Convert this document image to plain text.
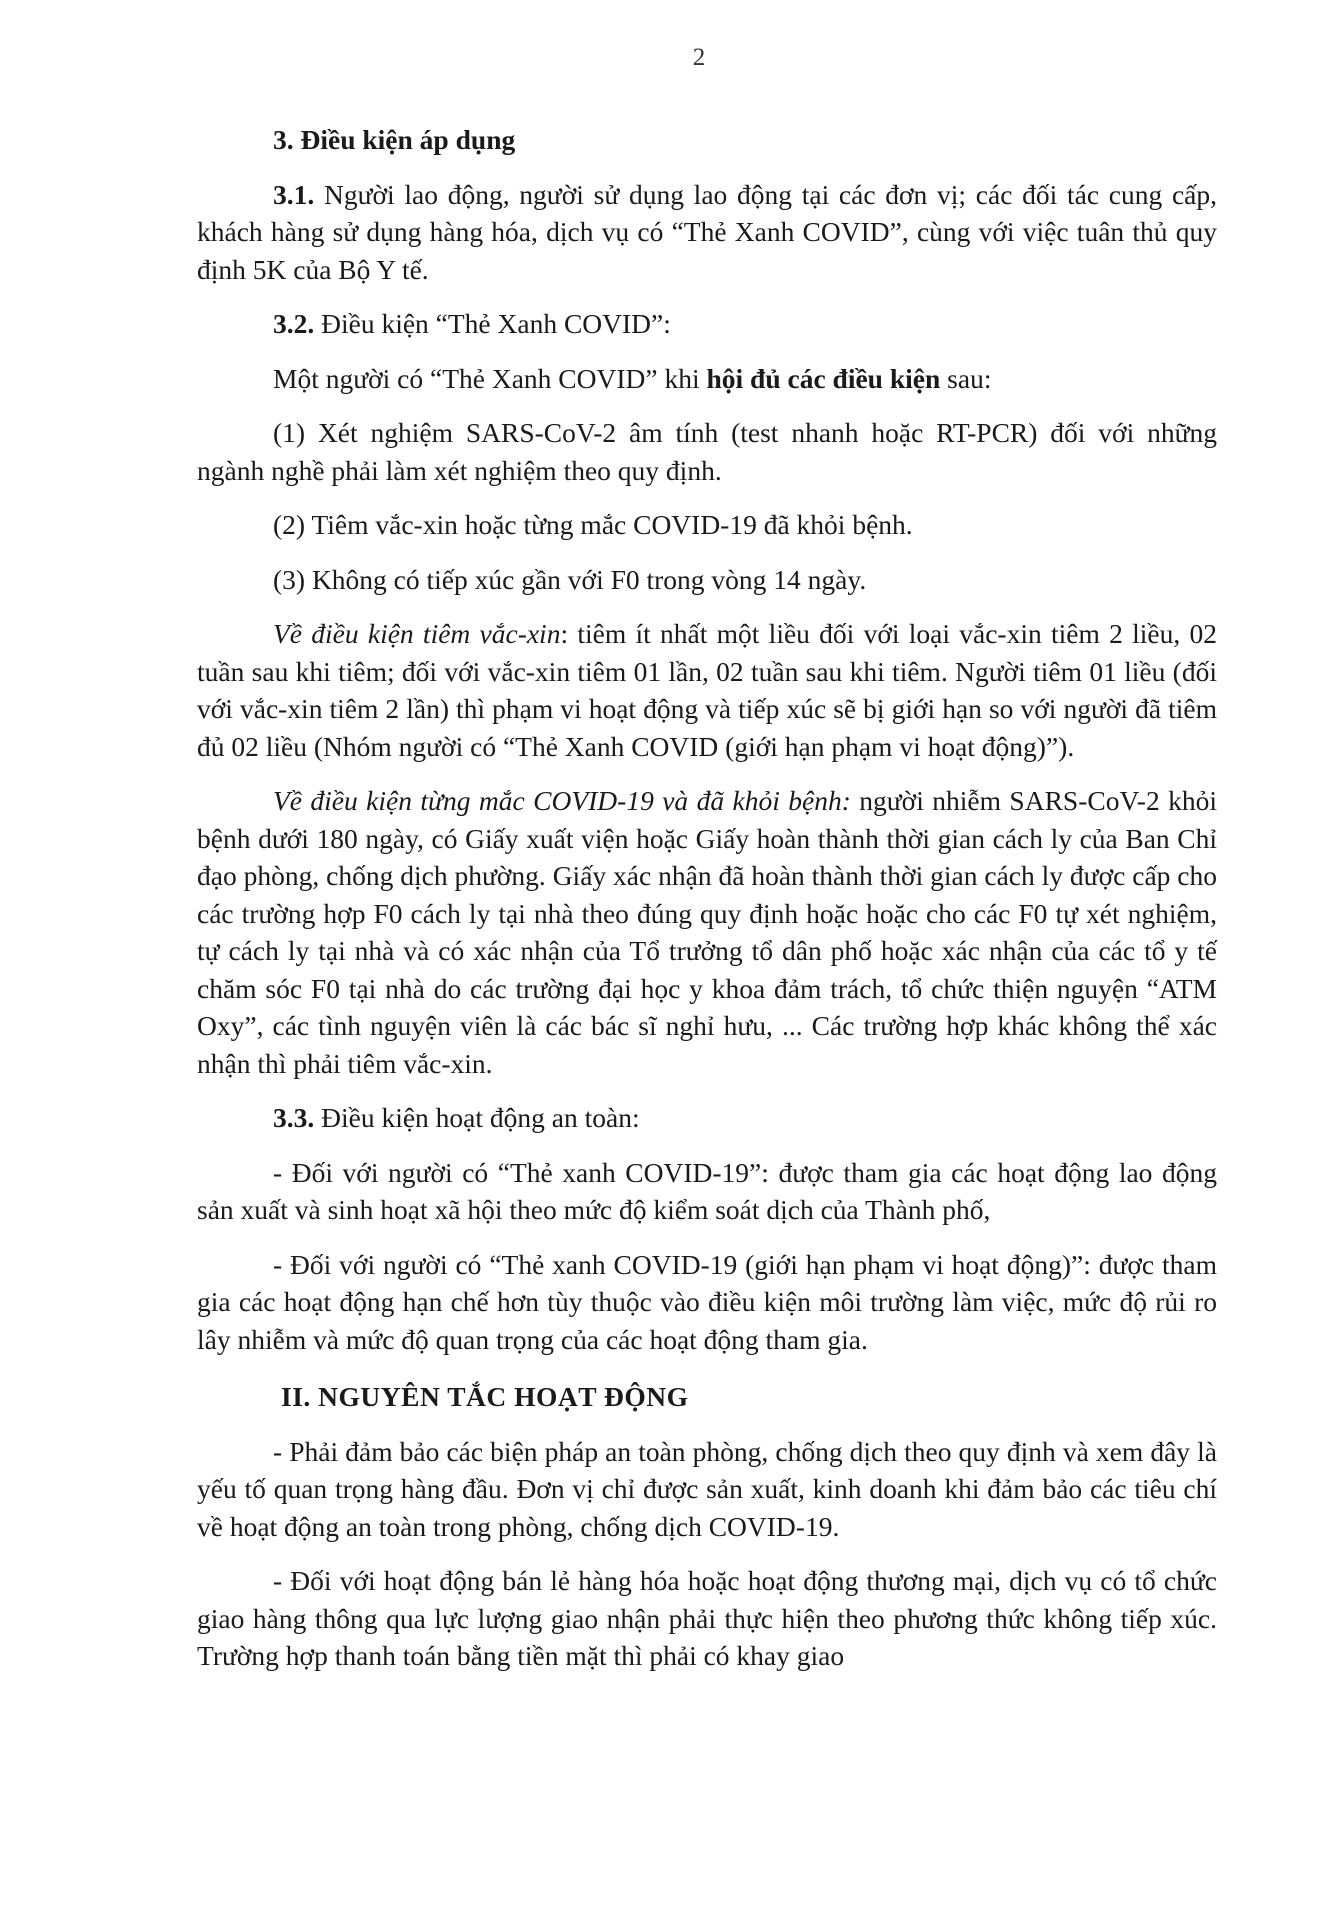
2

3. Điều kiện áp dụng

3.1. Người lao động, người sử dụng lao động tại các đơn vị; các đối tác cung cấp, khách hàng sử dụng hàng hóa, dịch vụ có “Thẻ Xanh COVID”, cùng với việc tuân thủ quy định 5K của Bộ Y tế.

3.2. Điều kiện “Thẻ Xanh COVID”:

Một người có “Thẻ Xanh COVID” khi hội đủ các điều kiện sau:

(1) Xét nghiệm SARS-CoV-2 âm tính (test nhanh hoặc RT-PCR) đối với những ngành nghề phải làm xét nghiệm theo quy định.

(2) Tiêm vắc-xin hoặc từng mắc COVID-19 đã khỏi bệnh.

(3) Không có tiếp xúc gần với F0 trong vòng 14 ngày.

Về điều kiện tiêm vắc-xin: tiêm ít nhất một liều đối với loại vắc-xin tiêm 2 liều, 02 tuần sau khi tiêm; đối với vắc-xin tiêm 01 lần, 02 tuần sau khi tiêm. Người tiêm 01 liều (đối với vắc-xin tiêm 2 lần) thì phạm vi hoạt động và tiếp xúc sẽ bị giới hạn so với người đã tiêm đủ 02 liều (Nhóm người có “Thẻ Xanh COVID (giới hạn phạm vi hoạt động)”).

Về điều kiện từng mắc COVID-19 và đã khỏi bệnh: người nhiễm SARS-CoV-2 khỏi bệnh dưới 180 ngày, có Giấy xuất viện hoặc Giấy hoàn thành thời gian cách ly của Ban Chỉ đạo phòng, chống dịch phường. Giấy xác nhận đã hoàn thành thời gian cách ly được cấp cho các trường hợp F0 cách ly tại nhà theo đúng quy định hoặc hoặc cho các F0 tự xét nghiệm, tự cách ly tại nhà và có xác nhận của Tổ trưởng tổ dân phố hoặc xác nhận của các tổ y tế chăm sóc F0 tại nhà do các trường đại học y khoa đảm trách, tổ chức thiện nguyện “ATM Oxy”, các tình nguyện viên là các bác sĩ nghỉ hưu, ... Các trường hợp khác không thể xác nhận thì phải tiêm vắc-xin.

3.3. Điều kiện hoạt động an toàn:

- Đối với người có “Thẻ xanh COVID-19”: được tham gia các hoạt động lao động sản xuất và sinh hoạt xã hội theo mức độ kiểm soát dịch của Thành phố,

- Đối với người có “Thẻ xanh COVID-19 (giới hạn phạm vi hoạt động)”: được tham gia các hoạt động hạn chế hơn tùy thuộc vào điều kiện môi trường làm việc, mức độ rủi ro lây nhiễm và mức độ quan trọng của các hoạt động tham gia.

II. NGUYÊN TẮC HOẠT ĐỘNG

- Phải đảm bảo các biện pháp an toàn phòng, chống dịch theo quy định và xem đây là yếu tố quan trọng hàng đầu. Đơn vị chỉ được sản xuất, kinh doanh khi đảm bảo các tiêu chí về hoạt động an toàn trong phòng, chống dịch COVID-19.

- Đối với hoạt động bán lẻ hàng hóa hoặc hoạt động thương mại, dịch vụ có tổ chức giao hàng thông qua lực lượng giao nhận phải thực hiện theo phương thức không tiếp xúc. Trường hợp thanh toán bằng tiền mặt thì phải có khay giao
